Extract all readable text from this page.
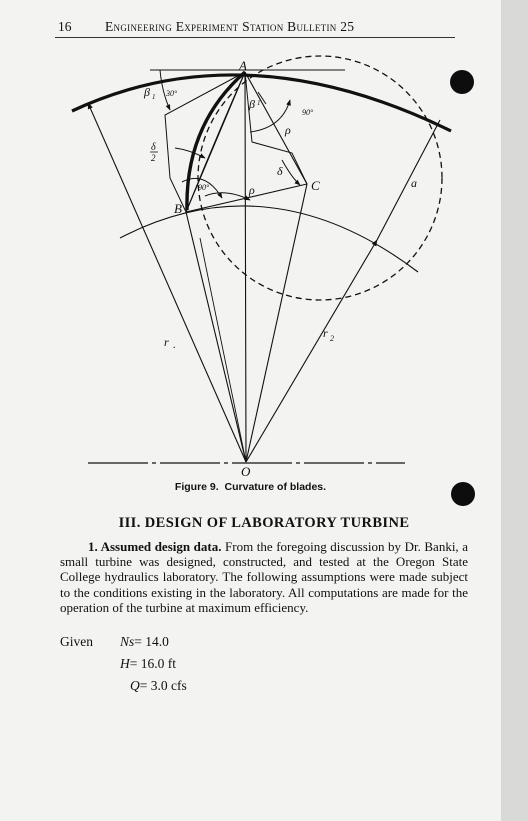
16 Engineering Experiment Station Bulletin 25
A
B
C
O
r .
r 2
a
ρ
ρ
δ
δ
2
β 1	β 1
30°
90°
90°
Figure 9. Curvature of blades.
III. DESIGN OF LABORATORY TURBINE
1. Assumed design data. From the foregoing discussion by Dr. Banki, a small turbine was designed, constructed, and tested at the Oregon State College hydraulics laboratory. The following assumptions were made subject to the conditions existing in the laboratory. All computations are made for the operation of the turbine at maximum efficiency.
Given Ns= 14.0
H= 16.0 ft
Q= 3.0 cfs
